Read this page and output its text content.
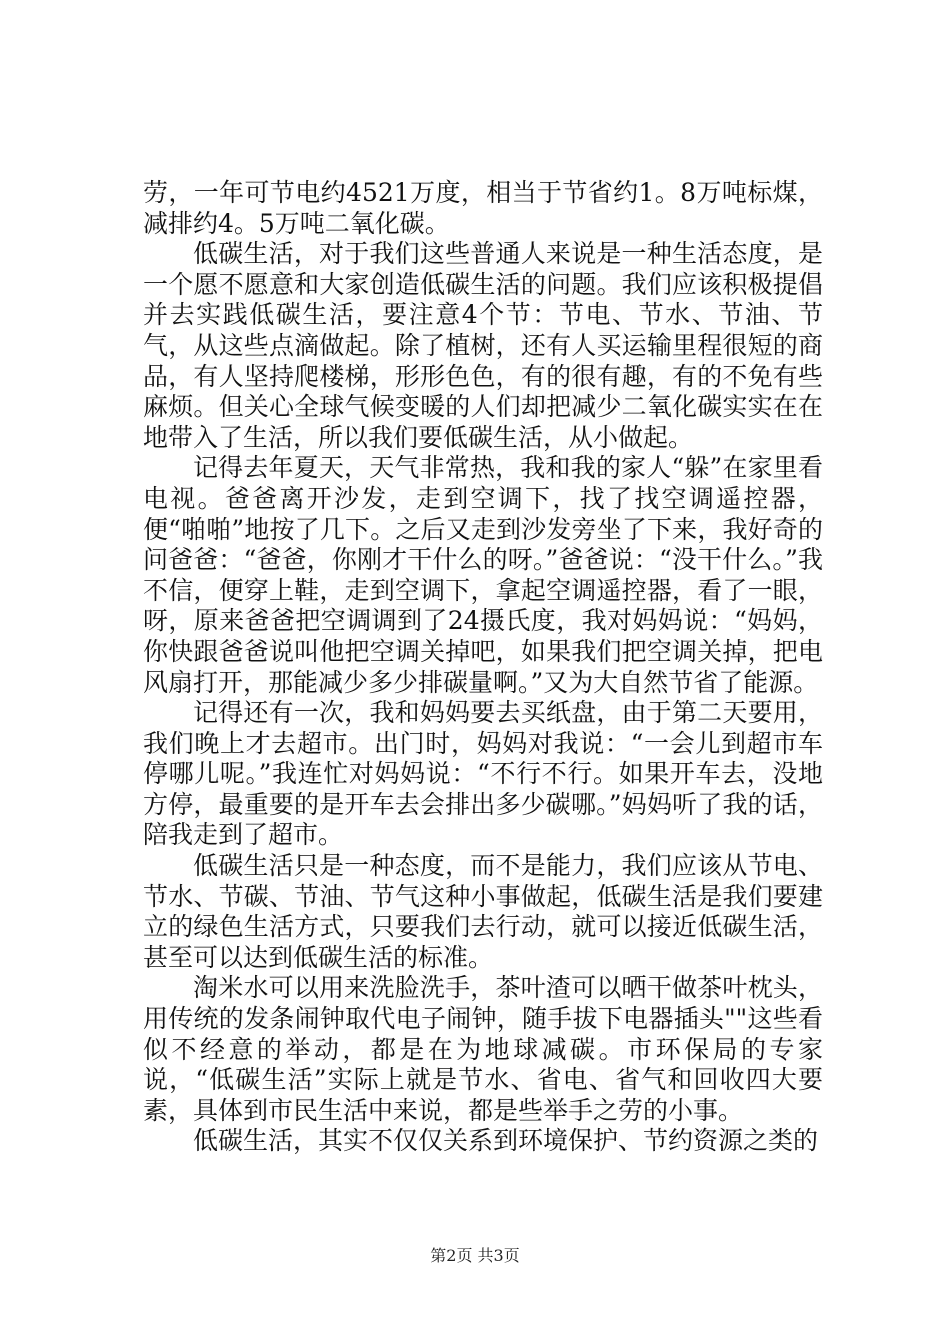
劳，一年可节电约4521万度，相当于节省约1。8万吨标煤，减排约4。5万吨二氧化碳。

低碳生活，对于我们这些普通人来说是一种生活态度，是一个愿不愿意和大家创造低碳生活的问题。我们应该积极提倡并去实践低碳生活，要注意4个节：节电、节水、节油、节气，从这些点滴做起。除了植树，还有人买运输里程很短的商品，有人坚持爬楼梯，形形色色，有的很有趣，有的不免有些麻烦。但关心全球气候变暖的人们却把减少二氧化碳实实在在地带入了生活，所以我们要低碳生活，从小做起。

记得去年夏天，天气非常热，我和我的家人“躲”在家里看电视。爸爸离开沙发，走到空调下，找了找空调遥控器，便“啪啪”地按了几下。之后又走到沙发旁坐了下来，我好奇的问爸爸：“爸爸，你刚才干什么的呀。”爸爸说：“没干什么。”我不信，便穿上鞋，走到空调下，拿起空调遥控器，看了一眼，呀，原来爸爸把空调调到了24摄氏度，我对妈妈说：“妈妈，你快跟爸爸说叫他把空调关掉吧，如果我们把空调关掉，把电风扇打开，那能减少多少排碳量啊。”又为大自然节省了能源。

记得还有一次，我和妈妈要去买纸盘，由于第二天要用，我们晚上才去超市。出门时，妈妈对我说：“一会儿到超市车停哪儿呢。”我连忙对妈妈说：“不行不行。如果开车去，没地方停，最重要的是开车去会排出多少碳哪。”妈妈听了我的话，陪我走到了超市。

低碳生活只是一种态度，而不是能力，我们应该从节电、节水、节碳、节油、节气这种小事做起，低碳生活是我们要建立的绿色生活方式，只要我们去行动，就可以接近低碳生活，甚至可以达到低碳生活的标准。

淘米水可以用来洗脸洗手，茶叶渣可以晒干做茶叶枕头，用传统的发条闹钟取代电子闹钟，随手拔下电器插头""这些看似不经意的举动，都是在为地球减碳。市环保局的专家说，“低碳生活”实际上就是节水、省电、省气和回收四大要素，具体到市民生活中来说，都是些举手之劳的小事。

低碳生活，其实不仅仅关系到环境保护、节约资源之类的

第2页 共3页
